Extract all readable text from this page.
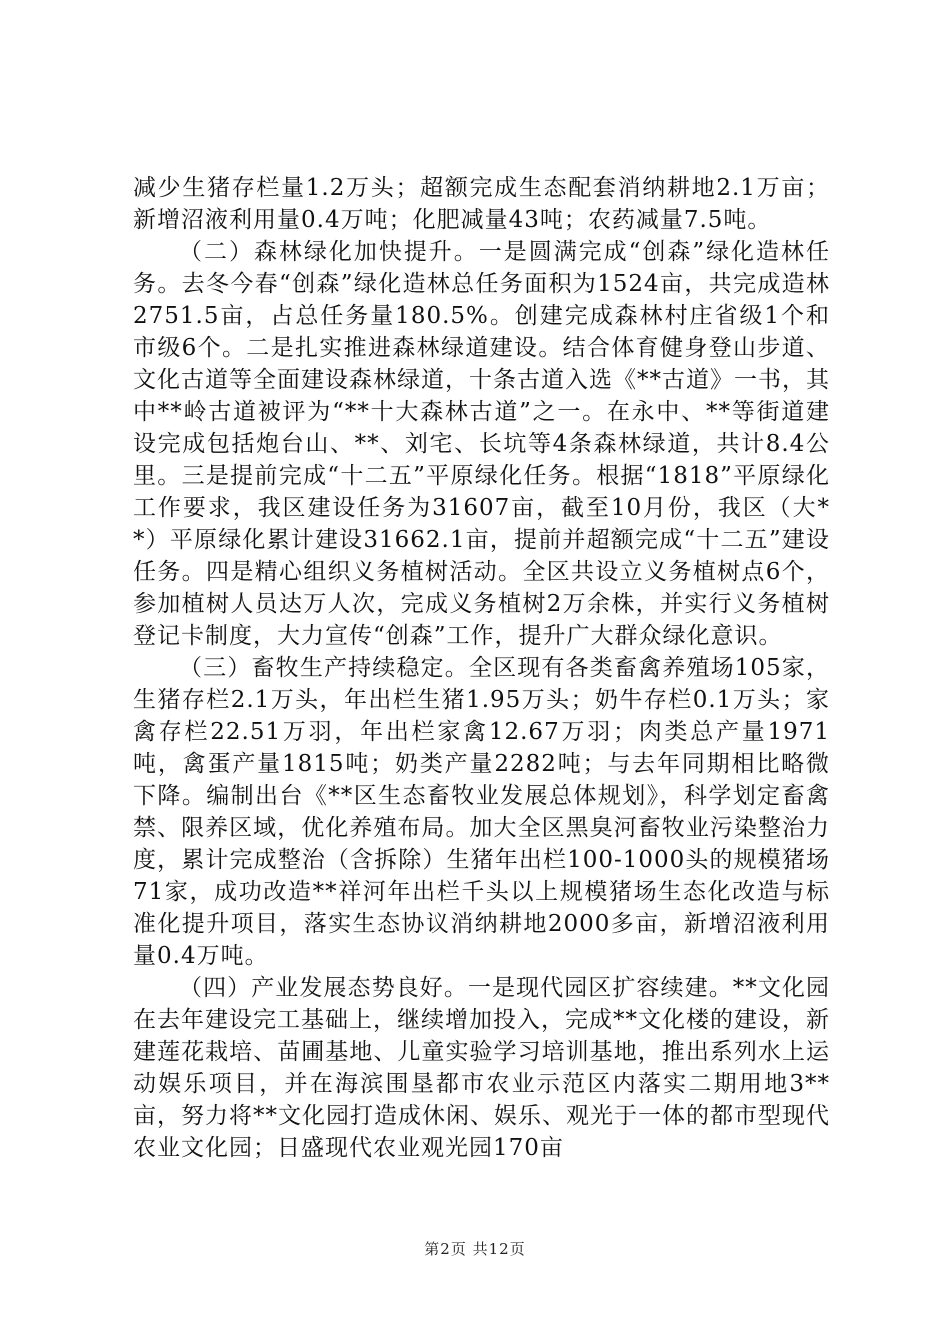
减少生猪存栏量1.2万头；超额完成生态配套消纳耕地2.1万亩；新增沼液利用量0.4万吨；化肥减量43吨；农药减量7.5吨。

（二）森林绿化加快提升。一是圆满完成“创森”绿化造林任务。去冬今春“创森”绿化造林总任务面积为1524亩，共完成造林2751.5亩，占总任务量180.5%。创建完成森林村庄省级1个和市级6个。二是扎实推进森林绿道建设。结合体育健身登山步道、文化古道等全面建设森林绿道，十条古道入选《**古道》一书，其中**岭古道被评为“**十大森林古道”之一。在永中、**等街道建设完成包括炮台山、**、刘宅、长坑等4条森林绿道，共计8.4公里。三是提前完成“十二五”平原绿化任务。根据“1818”平原绿化工作要求，我区建设任务为31607亩，截至10月份，我区（大**）平原绿化累计建设31662.1亩，提前并超额完成“十二五”建设任务。四是精心组织义务植树活动。全区共设立义务植树点6个，参加植树人员达万人次，完成义务植树2万余株，并实行义务植树登记卡制度，大力宣传“创森”工作，提升广大群众绿化意识。

（三）畜牧生产持续稳定。全区现有各类畜禽养殖场105家，生猪存栏2.1万头，年出栏生猪1.95万头；奶牛存栏0.1万头；家禽存栏22.51万羽，年出栏家禽12.67万羽；肉类总产量1971吨，禽蛋产量1815吨；奶类产量2282吨；与去年同期相比略微下降。编制出台《**区生态畜牧业发展总体规划》，科学划定畜禽禁、限养区域，优化养殖布局。加大全区黑臭河畜牧业污染整治力度，累计完成整治（含拆除）生猪年出栏100-1000头的规模猪场71家，成功改造**祥河年出栏千头以上规模猪场生态化改造与标准化提升项目，落实生态协议消纳耕地2000多亩，新增沼液利用量0.4万吨。

（四）产业发展态势良好。一是现代园区扩容续建。**文化园在去年建设完工基础上，继续增加投入，完成**文化楼的建设，新建莲花栽培、苗圃基地、儿童实验学习培训基地，推出系列水上运动娱乐项目，并在海滨围垦都市农业示范区内落实二期用地3**亩，努力将**文化园打造成休闲、娱乐、观光于一体的都市型现代农业文化园；日盛现代农业观光园170亩

第2页 共12页
